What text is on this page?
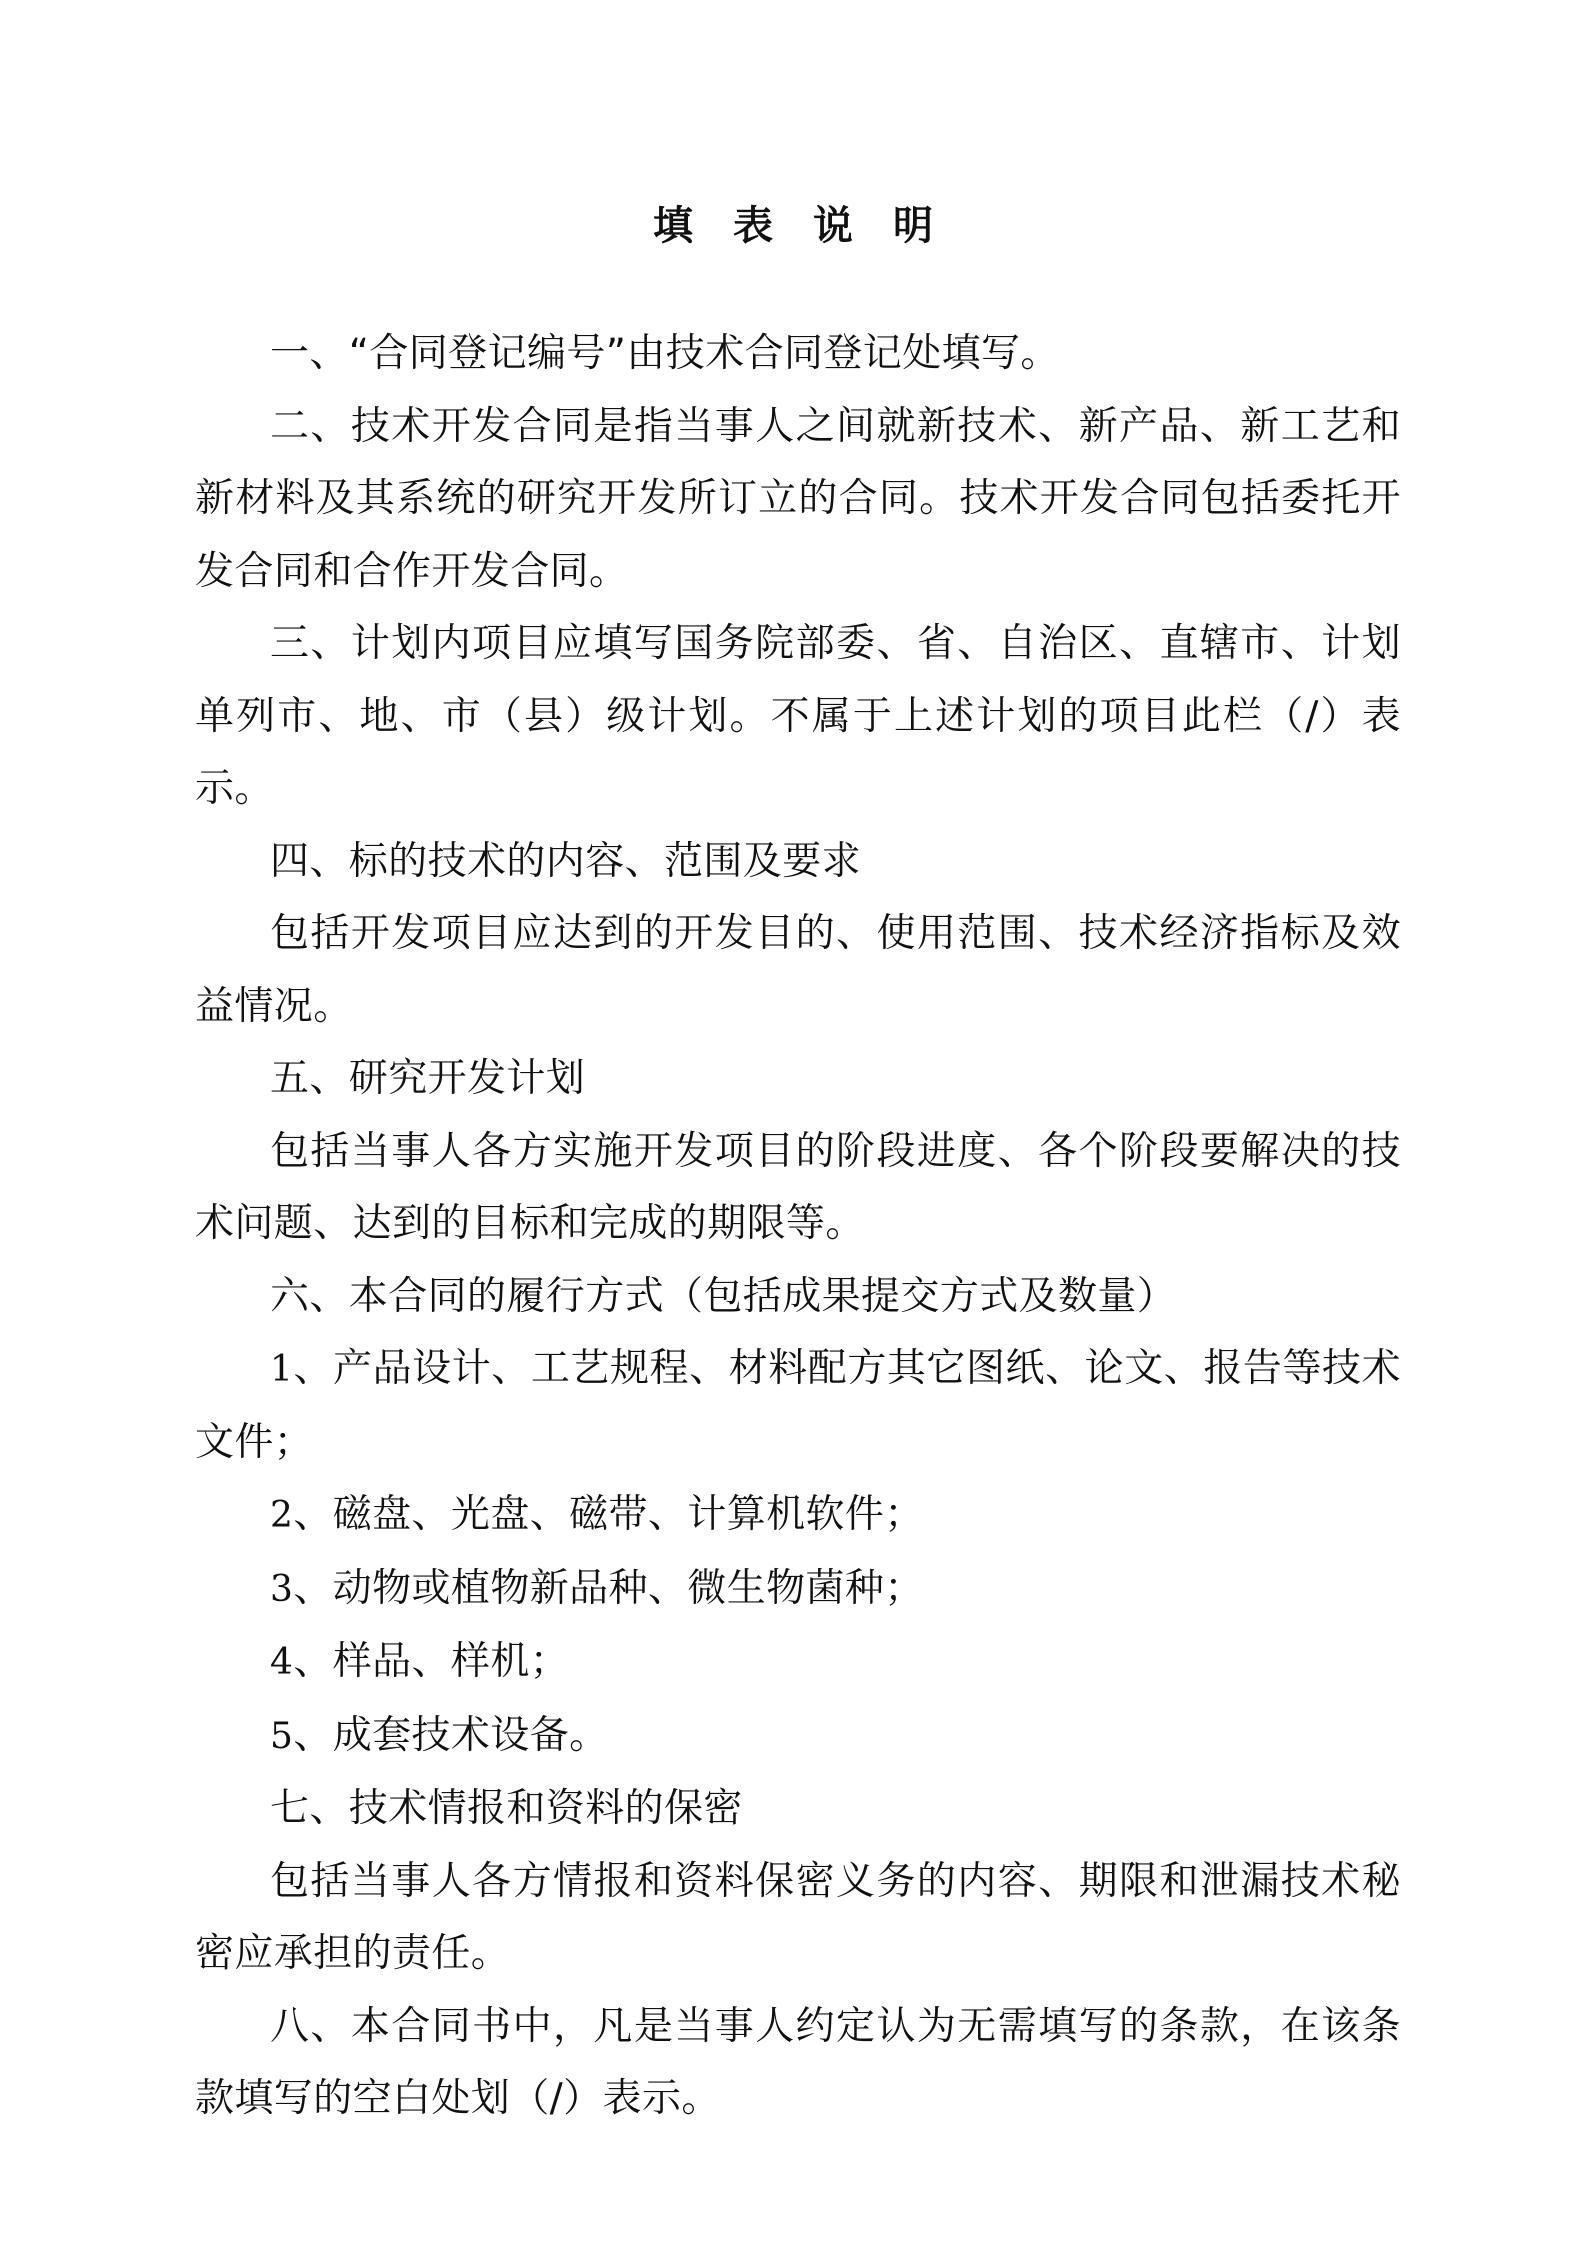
填表说明

一、“合同登记编号”由技术合同登记处填写。

二、技术开发合同是指当事人之间就新技术、新产品、新工艺和新材料及其系统的研究开发所订立的合同。技术开发合同包括委托开发合同和合作开发合同。

三、计划内项目应填写国务院部委、省、自治区、直辖市、计划单列市、地、市（县）级计划。不属于上述计划的项目此栏（/）表示。

四、标的技术的内容、范围及要求

包括开发项目应达到的开发目的、使用范围、技术经济指标及效益情况。

五、研究开发计划

包括当事人各方实施开发项目的阶段进度、各个阶段要解决的技术问题、达到的目标和完成的期限等。

六、本合同的履行方式（包括成果提交方式及数量）

1、产品设计、工艺规程、材料配方其它图纸、论文、报告等技术文件；

2、磁盘、光盘、磁带、计算机软件；

3、动物或植物新品种、微生物菌种；

4、样品、样机；

5、成套技术设备。

七、技术情报和资料的保密

包括当事人各方情报和资料保密义务的内容、期限和泄漏技术秘密应承担的责任。

八、本合同书中，凡是当事人约定认为无需填写的条款，在该条款填写的空白处划（/）表示。
